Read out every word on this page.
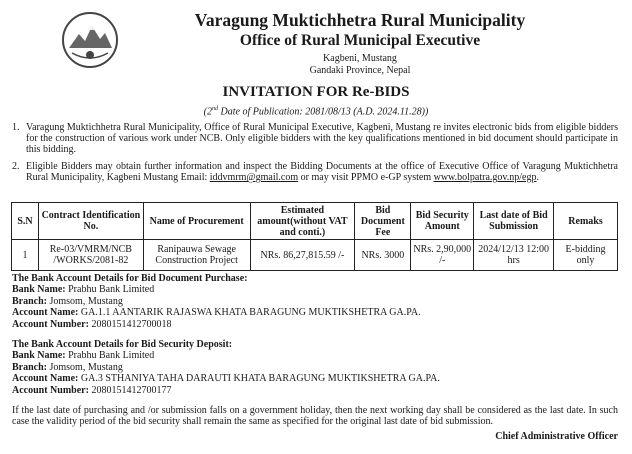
Varagung Muktichhetra Rural Municipality
Office of Rural Municipal Executive
Kagbeni, Mustang
Gandaki Province, Nepal
INVITATION FOR Re-BIDS
(2nd Date of Publication: 2081/08/13 (A.D. 2024.11.28))
1. Varagung Muktichhetra Rural Municipality, Office of Rural Municipal Executive, Kagbeni, Mustang re invites electronic bids from eligible bidders for the construction of various work under NCB. Only eligible bidders with the key qualifications mentioned in bid document should participate in this bidding.
2. Eligible Bidders may obtain further information and inspect the Bidding Documents at the office of Executive Office of Varagung Muktichhetra Rural Municipality, Kagbeni Mustang Email: iddvmrm@gmail.com or may visit PPMO e-GP system www.bolpatra.gov.np/egp.
S.N	Contract Identification No.	Name of Procurement	Estimated amount(without VAT and conti.)	Bid Document Fee	Bid Security Amount	Last date of Bid Submission	Remaks
1	Re-03/VMRM/NCB /WORKS/2081-82	Ranipauwa Sewage Construction Project	NRs. 86,27,815.59 /-	NRs. 3000	NRs. 2,90,000 /-	2024/12/13 12:00 hrs	E-bidding only
The Bank Account Details for Bid Document Purchase:
Bank Name: Prabhu Bank Limited
Branch: Jomsom, Mustang
Account Name: GA.1.1 AANTARIK RAJASWA KHATA BARAGUNG MUKTIKSHETRA GA.PA.
Account Number: 2080151412700018
The Bank Account Details for Bid Security Deposit:
Bank Name: Prabhu Bank Limited
Branch: Jomsom, Mustang
Account Name: GA.3 STHANIYA TAHA DARAUTI KHATA BARAGUNG MUKTIKSHETRA GA.PA.
Account Number: 2080151412700177
If the last date of purchasing and /or submission falls on a government holiday, then the next working day shall be considered as the last date. In such case the validity period of the bid security shall remain the same as specified for the original last date of bid submission.
Chief Administrative Officer
